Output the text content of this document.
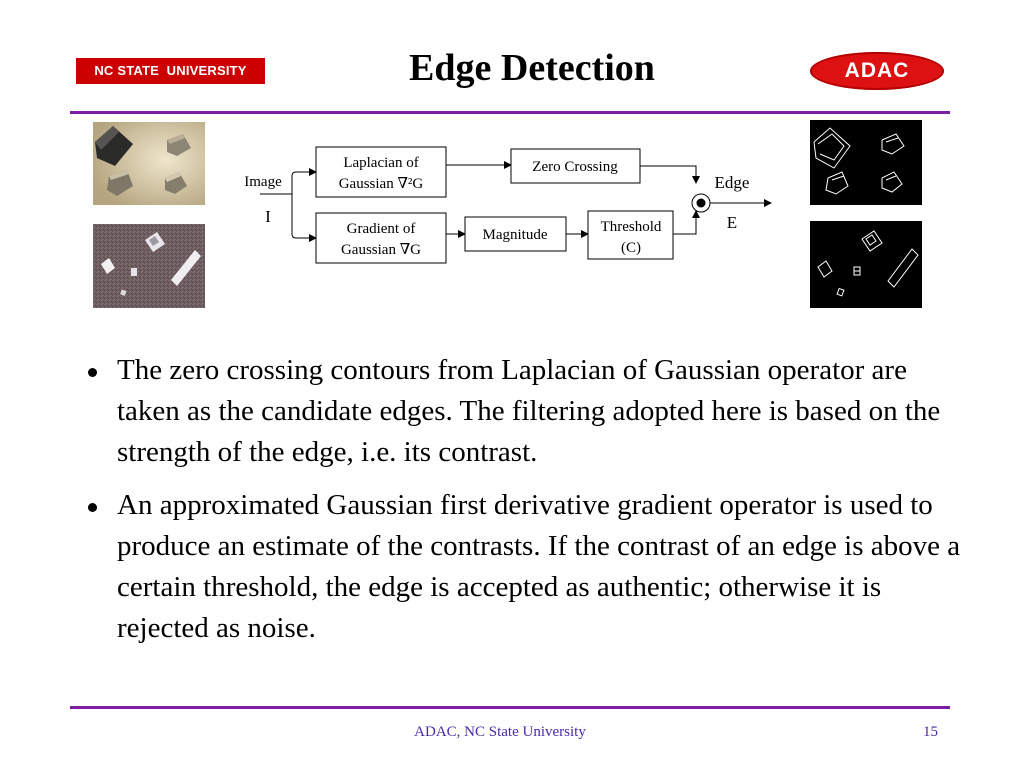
NC STATE  UNIVERSITY	Edge Detection	ADAC
Image
I
Laplacian of
Gaussian ∇²G
Gradient of
Gaussian ∇G
Zero Crossing
Magnitude	Threshold
(C)
Edge
E
The zero crossing contours from Laplacian of Gaussian operator are taken as the candidate edges. The filtering adopted here is based on the strength of the edge, i.e. its contrast.
An approximated Gaussian first derivative gradient operator is used to produce an estimate of the contrasts. If the contrast of an edge is above a certain threshold, the edge is accepted as authentic; otherwise it is rejected as noise.
ADAC, NC State University	15
